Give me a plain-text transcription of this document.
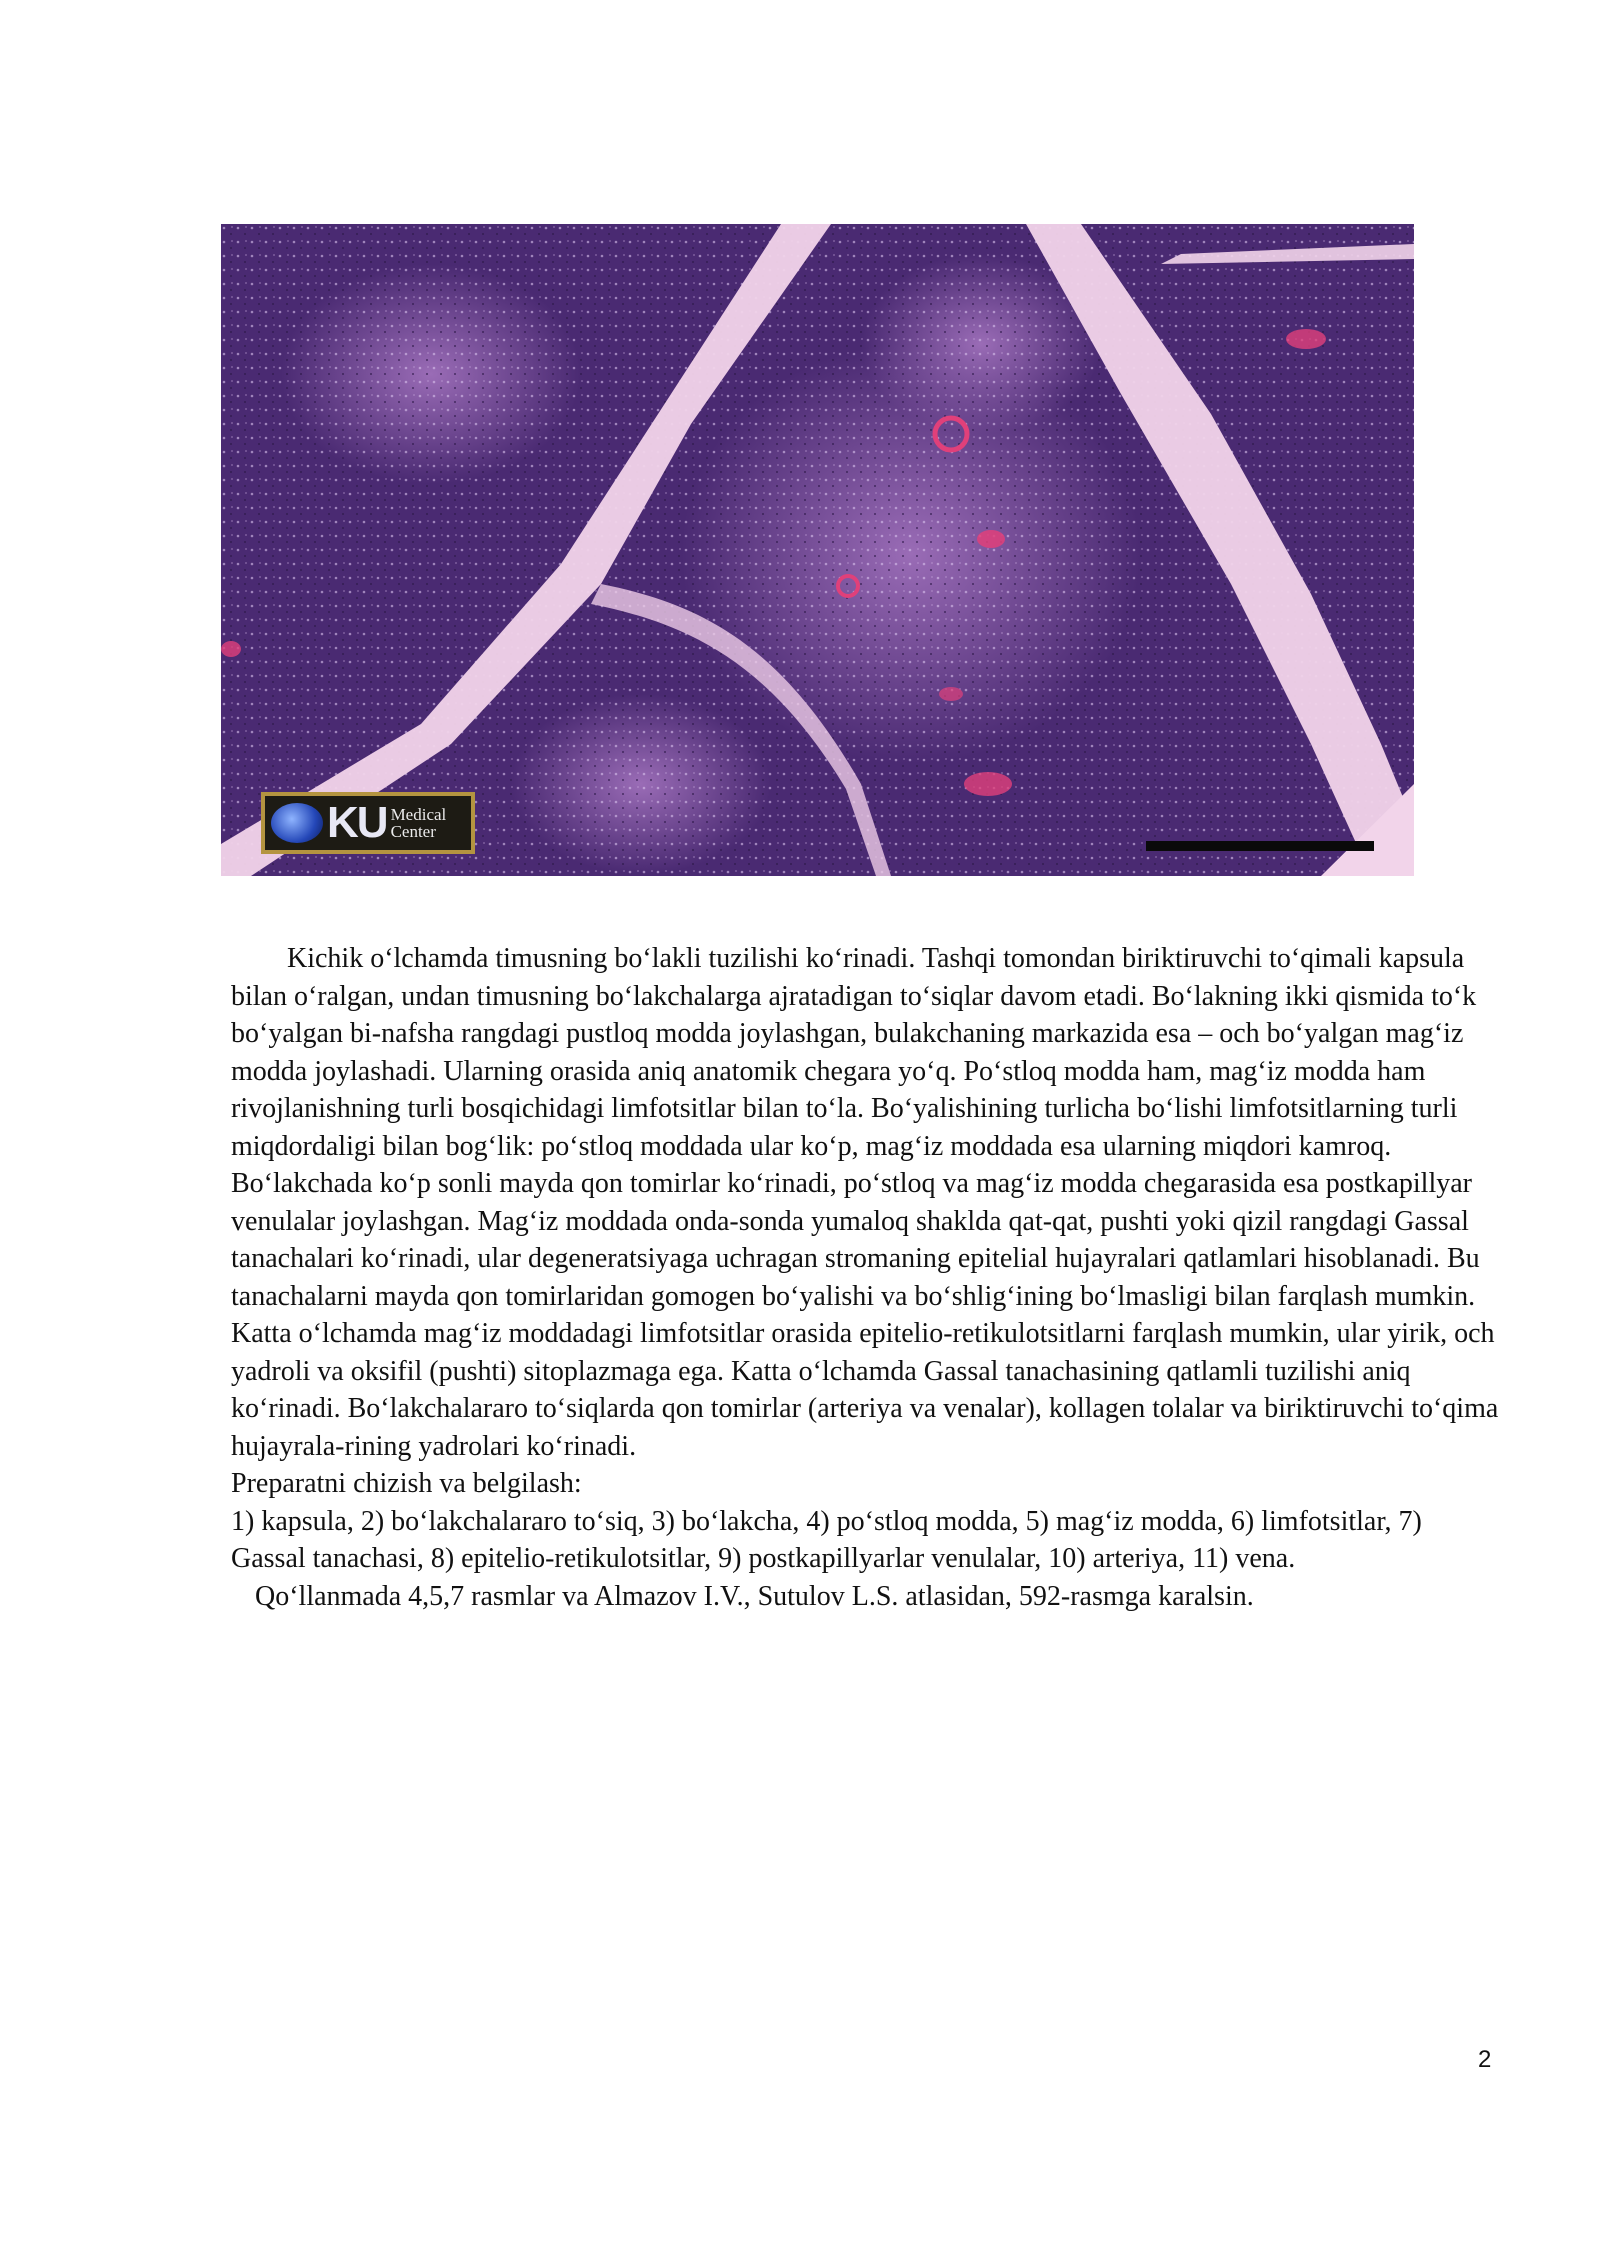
KU Medical
Center

Kichik o‘lchamda timusning bo‘lakli tuzilishi ko‘rinadi. Tashqi tomondan biriktiruvchi to‘qimali kapsula bilan o‘ralgan, undan timusning bo‘lakchalarga ajratadigan to‘siqlar davom etadi. Bo‘lakning ikki qismida to‘k bo‘yalgan bi-nafsha rangdagi pustloq modda joylashgan, bulakchaning markazida esa – och bo‘yalgan mag‘iz modda joylashadi. Ularning orasida aniq anatomik chegara yo‘q. Po‘stloq modda ham, mag‘iz modda ham rivojlanishning turli bosqichidagi limfotsitlar bilan to‘la. Bo‘yalishining turlicha bo‘lishi limfotsitlarning turli miqdordaligi bilan bog‘lik: po‘stloq moddada ular ko‘p, mag‘iz moddada esa ularning miqdori kamroq. Bo‘lakchada ko‘p sonli mayda qon tomirlar ko‘rinadi, po‘stloq va mag‘iz modda chegarasida esa postkapillyar venulalar joylashgan. Mag‘iz moddada onda-sonda yumaloq shaklda qat-qat, pushti yoki qizil rangdagi Gassal tanachalari ko‘rinadi, ular degeneratsiyaga uchragan stromaning epitelial hujayralari qatlamlari hisoblanadi. Bu tanachalarni mayda qon tomirlaridan gomogen bo‘yalishi va bo‘shlig‘ining bo‘lmasligi bilan farqlash mumkin. Katta o‘lchamda mag‘iz moddadagi limfotsitlar orasida epitelio-retikulotsitlarni farqlash mumkin, ular yirik, och yadroli va oksifil (pushti) sitoplazmaga ega. Katta o‘lchamda Gassal tanachasining qatlamli tuzilishi aniq ko‘rinadi. Bo‘lakchalararo to‘siqlarda qon tomirlar (arteriya va venalar), kollagen tolalar va biriktiruvchi to‘qima hujayrala-rining yadrolari ko‘rinadi.

Preparatni chizish va belgilash:

1) kapsula, 2) bo‘lakchalararo to‘siq, 3) bo‘lakcha, 4) po‘stloq modda, 5) mag‘iz modda, 6) limfotsitlar, 7) Gassal tanachasi, 8) epitelio-retikulotsitlar, 9) postkapillyarlar venulalar, 10) arteriya, 11) vena.

Qo‘llanmada 4,5,7 rasmlar va Almazov I.V., Sutulov L.S. atlasidan, 592-rasmga karalsin.

2
